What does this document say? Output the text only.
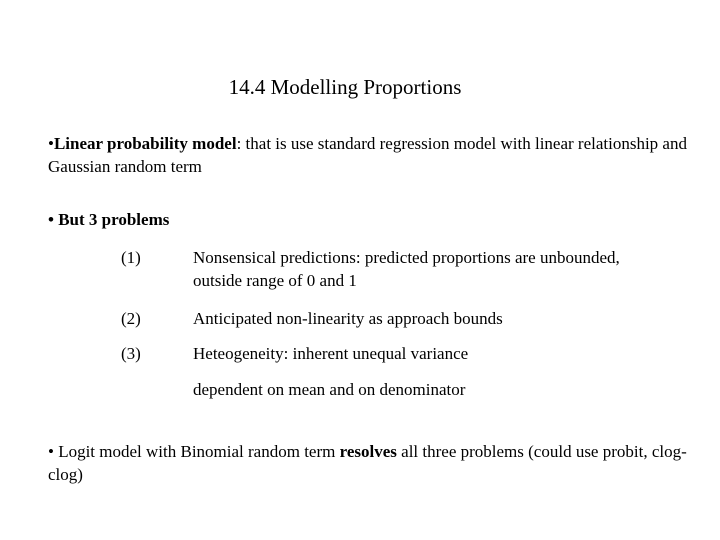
14.4 Modelling Proportions
•Linear probability model: that is use standard regression model with linear relationship and Gaussian random term
• But 3 problems
(1)	Nonsensical predictions: predicted proportions are unbounded, outside range of 0 and 1
(2)	Anticipated non-linearity as approach bounds
(3)	Heteogeneity: inherent unequal variance
dependent on mean and on denominator
• Logit model with Binomial random term resolves all three problems (could use probit, clog-clog)
